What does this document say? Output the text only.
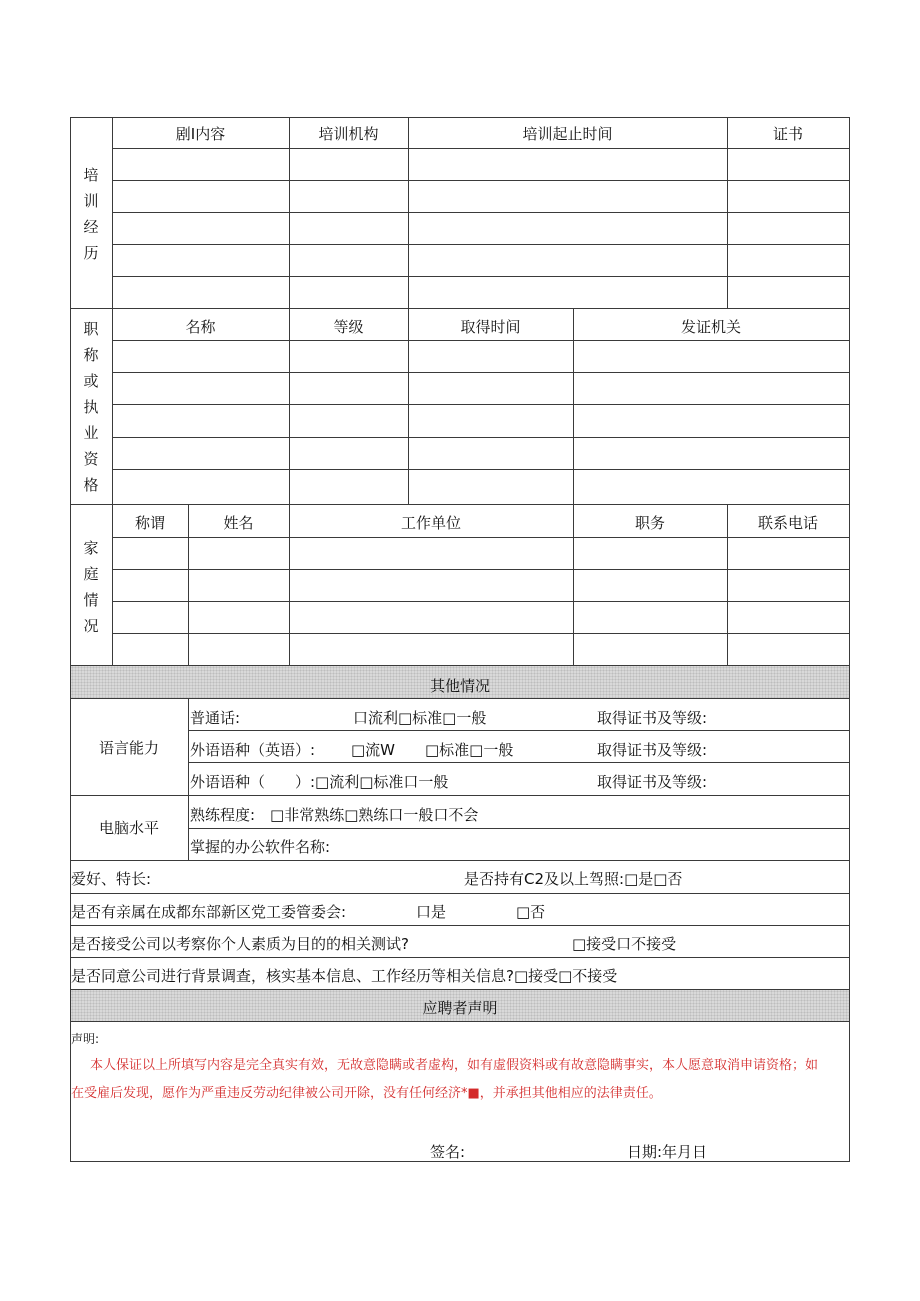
培
训
经
历
剧I内容	培训机构	培训起止时间	证书
职
称
或
执
业
资
格
名称	等级	取得时间	发证机关
家
庭
情
况
称谓	姓名	工作单位	职务	联系电话
其他情况
语言能力
普通话:	口流利□标准□一般	取得证书及等级:
外语语种（英语）: □流W　　□标准□一般	取得证书及等级:
外语语种（　　）:□流利□标准口一般	取得证书及等级:
电脑水平
熟练程度:　□非常熟练□熟练口一般口不会
掌握的办公软件名称:
爱好、特长:	是否持有C2及以上驾照:□是□否
是否有亲属在成都东部新区党工委管委会:	口是	□否
是否接受公司以考察你个人素质为目的的相关测试?	□接受口不接受
是否同意公司进行背景调查，核实基本信息、工作经历等相关信息?□接受□不接受
应聘者声明
声明:
本人保证以上所填写内容是完全真实有效，无故意隐瞒或者虚构，如有虚假资料或有故意隐瞒事实，本人愿意取消申请资格；如
在受雇后发现，愿作为严重违反劳动纪律被公司开除，没有任何经济*■，并承担其他相应的法律责任。
签名:	日期:年月日
